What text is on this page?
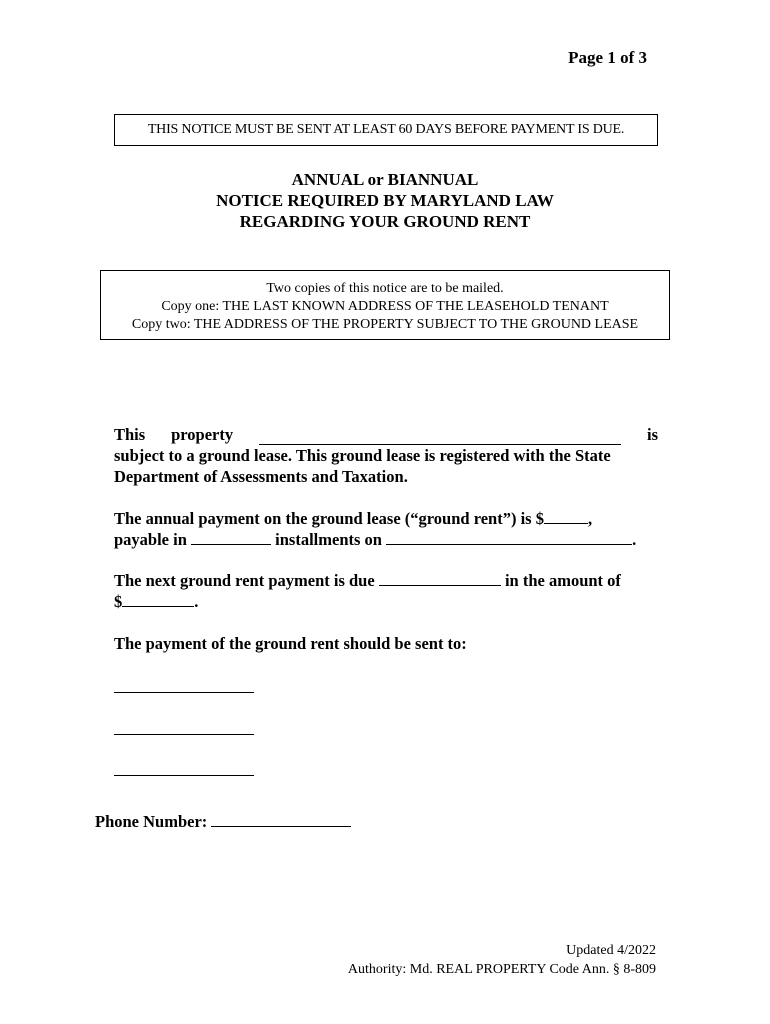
Page 1 of 3
THIS NOTICE MUST BE SENT AT LEAST 60 DAYS BEFORE PAYMENT IS DUE.
ANNUAL or BIANNUAL
NOTICE REQUIRED BY MARYLAND LAW
REGARDING YOUR GROUND RENT
Two copies of this notice are to be mailed.
Copy one: THE LAST KNOWN ADDRESS OF THE LEASEHOLD TENANT
Copy two: THE ADDRESS OF THE PROPERTY SUBJECT TO THE GROUND LEASE
This property	is
subject to a ground lease. This ground lease is registered with the State
Department of Assessments and Taxation.
The annual payment on the ground lease (“ground rent”) is $	,
payable in	installments on	.
The next ground rent payment is due	in the amount of
$	.
The payment of the ground rent should be sent to:
Phone Number:
Updated 4/2022
Authority: Md. REAL PROPERTY Code Ann. § 8-809
